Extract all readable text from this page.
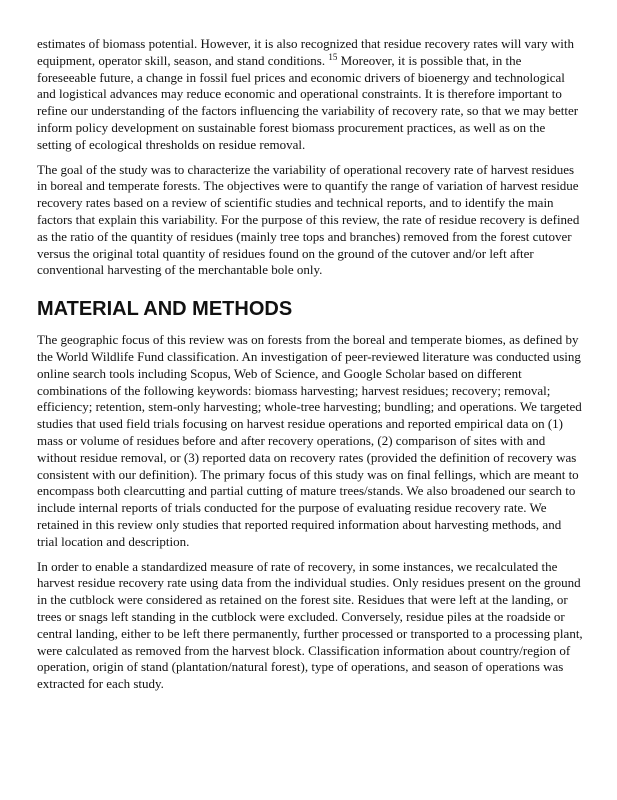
estimates of biomass potential. However, it is also recognized that residue recovery rates will vary with equipment, operator skill, season, and stand conditions. $^{15}$ Moreover, it is possible that, in the foreseeable future, a change in fossil fuel prices and economic drivers of bioenergy and technological and logistical advances may reduce economic and operational constraints. It is therefore important to refine our understanding of the factors influencing the variability of recovery rate, so that we may better inform policy development on sustainable forest biomass procurement practices, as well as on the setting of ecological thresholds on residue removal.

The goal of the study was to characterize the variability of operational recovery rate of harvest residues in boreal and temperate forests. The objectives were to quantify the range of variation of harvest residue recovery rates based on a review of scientific studies and technical reports, and to identify the main factors that explain this variability. For the purpose of this review, the rate of residue recovery is defined as the ratio of the quantity of residues (mainly tree tops and branches) removed from the forest cutover versus the original total quantity of residues found on the ground of the cutover and/or left after conventional harvesting of the merchantable bole only.

MATERIAL AND METHODS

The geographic focus of this review was on forests from the boreal and temperate biomes, as defined by the World Wildlife Fund classification. An investigation of peer-reviewed literature was conducted using online search tools including Scopus, Web of Science, and Google Scholar based on different combinations of the following keywords: biomass harvesting; harvest residues; recovery; removal; efficiency; retention, stem-only harvesting; whole-tree harvesting; bundling; and operations. We targeted studies that used field trials focusing on harvest residue operations and reported empirical data on (1) mass or volume of residues before and after recovery operations, (2) comparison of sites with and without residue removal, or (3) reported data on recovery rates (provided the definition of recovery was consistent with our definition). The primary focus of this study was on final fellings, which are meant to encompass both clearcutting and partial cutting of mature trees/stands. We also broadened our search to include internal reports of trials conducted for the purpose of evaluating residue recovery rate. We retained in this review only studies that reported required information about harvesting methods, and trial location and description.

In order to enable a standardized measure of rate of recovery, in some instances, we recalculated the harvest residue recovery rate using data from the individual studies. Only residues present on the ground in the cutblock were considered as retained on the forest site. Residues that were left at the landing, or trees or snags left standing in the cutblock were excluded. Conversely, residue piles at the roadside or central landing, either to be left there permanently, further processed or transported to a processing plant, were calculated as removed from the harvest block. Classification information about country/region of operation, origin of stand (plantation/natural forest), type of operations, and season of operations was extracted for each study.
